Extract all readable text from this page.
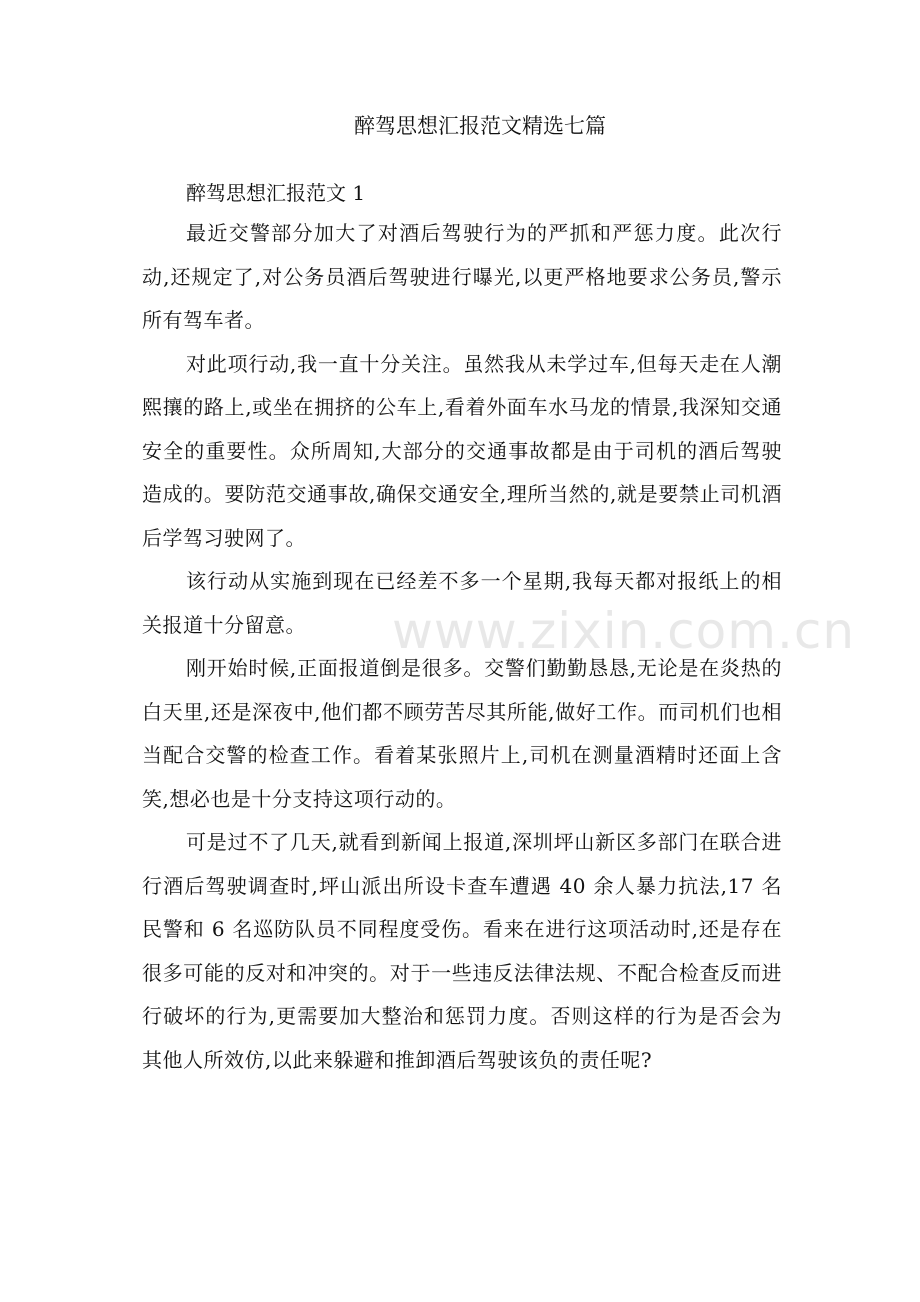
醉驾思想汇报范文精选七篇

醉驾思想汇报范文 1

最近交警部分加大了对酒后驾驶行为的严抓和严惩力度。此次行动,还规定了,对公务员酒后驾驶进行曝光,以更严格地要求公务员,警示所有驾车者。

对此项行动,我一直十分关注。虽然我从未学过车,但每天走在人潮熙攘的路上,或坐在拥挤的公车上,看着外面车水马龙的情景,我深知交通安全的重要性。众所周知,大部分的交通事故都是由于司机的酒后驾驶造成的。要防范交通事故,确保交通安全,理所当然的,就是要禁止司机酒后学驾习驶网了。

该行动从实施到现在已经差不多一个星期,我每天都对报纸上的相关报道十分留意。

刚开始时候,正面报道倒是很多。交警们勤勤恳恳,无论是在炎热的白天里,还是深夜中,他们都不顾劳苦尽其所能,做好工作。而司机们也相当配合交警的检查工作。看着某张照片上,司机在测量酒精时还面上含笑,想必也是十分支持这项行动的。

可是过不了几天,就看到新闻上报道,深圳坪山新区多部门在联合进行酒后驾驶调查时,坪山派出所设卡查车遭遇 40 余人暴力抗法,17 名民警和 6 名巡防队员不同程度受伤。看来在进行这项活动时,还是存在很多可能的反对和冲突的。对于一些违反法律法规、不配合检查反而进行破坏的行为,更需要加大整治和惩罚力度。否则这样的行为是否会为其他人所效仿,以此来躲避和推卸酒后驾驶该负的责任呢?

www.zixin.com.cn
